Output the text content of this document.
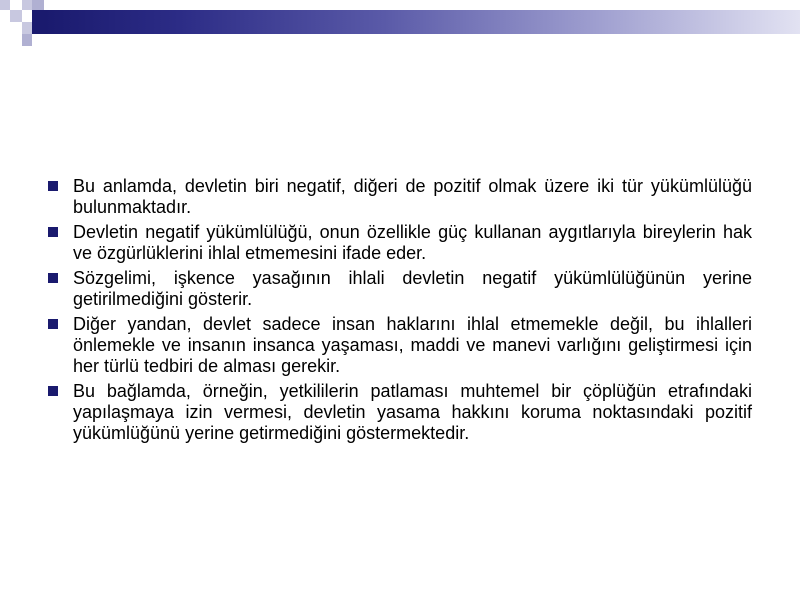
Bu anlamda, devletin biri negatif, diğeri de pozitif olmak üzere iki tür yükümlülüğü bulunmaktadır.
Devletin negatif yükümlülüğü, onun özellikle güç kullanan aygıtlarıyla bireylerin hak ve özgürlüklerini ihlal etmemesini ifade eder.
Sözgelimi, işkence yasağının ihlali devletin negatif yükümlülüğünün yerine getirilmediğini gösterir.
Diğer yandan, devlet sadece insan haklarını ihlal etmemekle değil, bu ihlalleri önlemekle ve insanın insanca yaşaması, maddi ve manevi varlığını geliştirmesi için her türlü tedbiri de alması gerekir.
Bu bağlamda, örneğin, yetkililerin patlaması muhtemel bir çöplüğün etrafındaki yapılaşmaya izin vermesi, devletin yasama hakkını koruma noktasındaki pozitif yükümlüğünü yerine getirmediğini göstermektedir.
